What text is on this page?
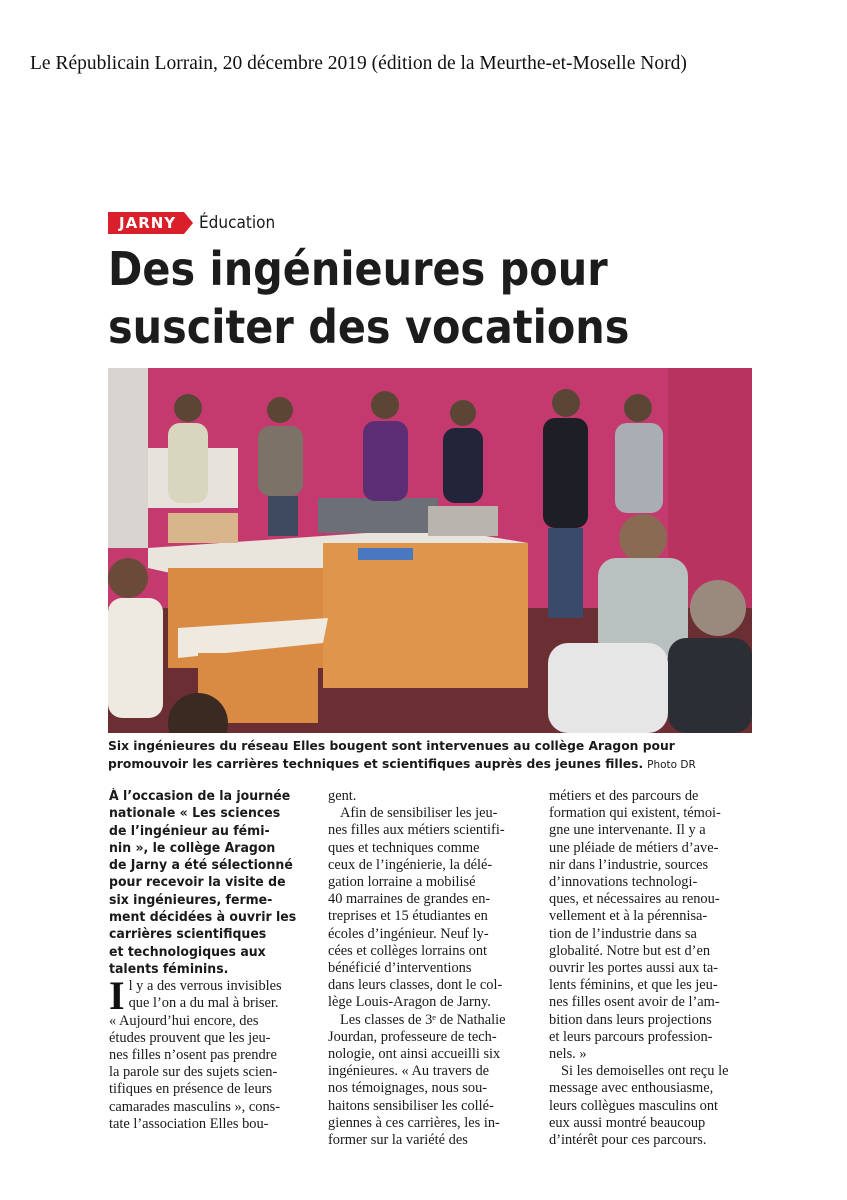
Le Républicain Lorrain, 20 décembre 2019 (édition de la Meurthe-et-Moselle Nord)
JARNY	Éducation
Des ingénieures pour
susciter des vocations
Six ingénieures du réseau Elles bougent sont intervenues au collège Aragon pour
promouvoir les carrières techniques et scientifiques auprès des jeunes filles. Photo DR
À l’occasion de la journée
nationale « Les sciences
de l’ingénieur au fémi-
nin », le collège Aragon
de Jarny a été sélectionné
pour recevoir la visite de
six ingénieures, ferme-
ment décidées à ouvrir les
carrières scientifiques
et technologiques aux
talents féminins.

I l y a des verrous invisibles
que l’on a du mal à briser.
« Aujourd’hui encore, des
études prouvent que les jeu-
nes filles n’osent pas prendre
la parole sur des sujets scien-
tifiques en présence de leurs
camarades masculins », cons-
tate l’association Elles bou-

gent.

Afin de sensibiliser les jeu-
nes filles aux métiers scientifi-
ques et techniques comme
ceux de l’ingénierie, la délé-
gation lorraine a mobilisé
40 marraines de grandes en-
treprises et 15 étudiantes en
écoles d’ingénieur. Neuf ly-
cées et collèges lorrains ont
bénéficié d’interventions
dans leurs classes, dont le col-
lège Louis-Aragon de Jarny.

Les classes de 3ᵉ de Nathalie
Jourdan, professeure de tech-
nologie, ont ainsi accueilli six
ingénieures. « Au travers de
nos témoignages, nous sou-
haitons sensibiliser les collé-
giennes à ces carrières, les in-
former sur la variété des

métiers et des parcours de
formation qui existent, témoi-
gne une intervenante. Il y a
une pléiade de métiers d’ave-
nir dans l’industrie, sources
d’innovations technologi-
ques, et nécessaires au renou-
vellement et à la pérennisa-
tion de l’industrie dans sa
globalité. Notre but est d’en
ouvrir les portes aussi aux ta-
lents féminins, et que les jeu-
nes filles osent avoir de l’am-
bition dans leurs projections
et leurs parcours profession-
nels. »

Si les demoiselles ont reçu le
message avec enthousiasme,
leurs collègues masculins ont
eux aussi montré beaucoup
d’intérêt pour ces parcours.
